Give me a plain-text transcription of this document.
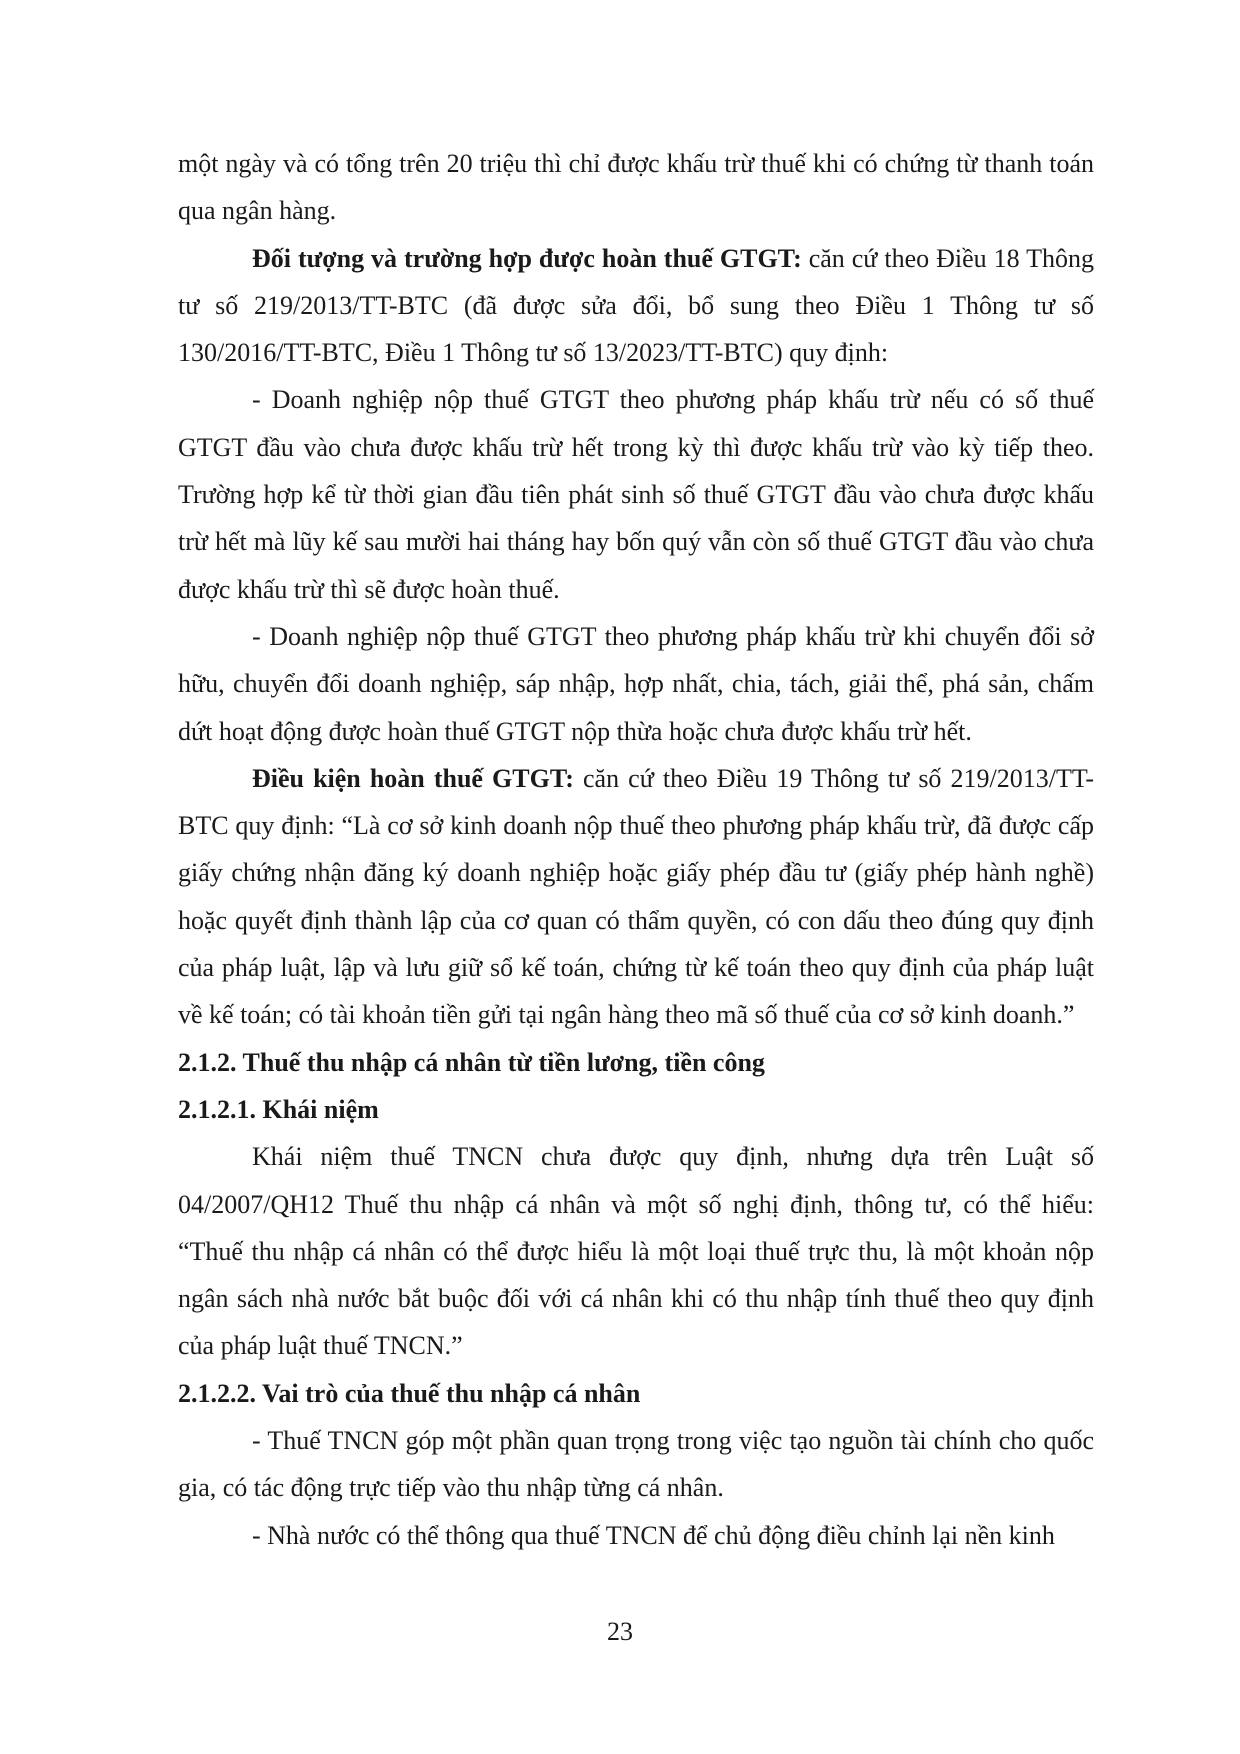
một ngày và có tổng trên 20 triệu thì chỉ được khấu trừ thuế khi có chứng từ thanh toán qua ngân hàng.

Đối tượng và trường hợp được hoàn thuế GTGT: căn cứ theo Điều 18 Thông tư số 219/2013/TT-BTC (đã được sửa đổi, bổ sung theo Điều 1 Thông tư số 130/2016/TT-BTC, Điều 1 Thông tư số 13/2023/TT-BTC) quy định:

- Doanh nghiệp nộp thuế GTGT theo phương pháp khấu trừ nếu có số thuế GTGT đầu vào chưa được khấu trừ hết trong kỳ thì được khấu trừ vào kỳ tiếp theo. Trường hợp kể từ thời gian đầu tiên phát sinh số thuế GTGT đầu vào chưa được khấu trừ hết mà lũy kế sau mười hai tháng hay bốn quý vẫn còn số thuế GTGT đầu vào chưa được khấu trừ thì sẽ được hoàn thuế.

- Doanh nghiệp nộp thuế GTGT theo phương pháp khấu trừ khi chuyển đổi sở hữu, chuyển đổi doanh nghiệp, sáp nhập, hợp nhất, chia, tách, giải thể, phá sản, chấm dứt hoạt động được hoàn thuế GTGT nộp thừa hoặc chưa được khấu trừ hết.

Điều kiện hoàn thuế GTGT: căn cứ theo Điều 19 Thông tư số 219/2013/TT-BTC quy định: “Là cơ sở kinh doanh nộp thuế theo phương pháp khấu trừ, đã được cấp giấy chứng nhận đăng ký doanh nghiệp hoặc giấy phép đầu tư (giấy phép hành nghề) hoặc quyết định thành lập của cơ quan có thẩm quyền, có con dấu theo đúng quy định của pháp luật, lập và lưu giữ sổ kế toán, chứng từ kế toán theo quy định của pháp luật về kế toán; có tài khoản tiền gửi tại ngân hàng theo mã số thuế của cơ sở kinh doanh.”

2.1.2. Thuế thu nhập cá nhân từ tiền lương, tiền công

2.1.2.1. Khái niệm

Khái niệm thuế TNCN chưa được quy định, nhưng dựa trên Luật số 04/2007/QH12 Thuế thu nhập cá nhân và một số nghị định, thông tư, có thể hiểu: “Thuế thu nhập cá nhân có thể được hiểu là một loại thuế trực thu, là một khoản nộp ngân sách nhà nước bắt buộc đối với cá nhân khi có thu nhập tính thuế theo quy định của pháp luật thuế TNCN.”

2.1.2.2. Vai trò của thuế thu nhập cá nhân

- Thuế TNCN góp một phần quan trọng trong việc tạo nguồn tài chính cho quốc gia, có tác động trực tiếp vào thu nhập từng cá nhân.

- Nhà nước có thể thông qua thuế TNCN để chủ động điều chỉnh lại nền kinh

23
